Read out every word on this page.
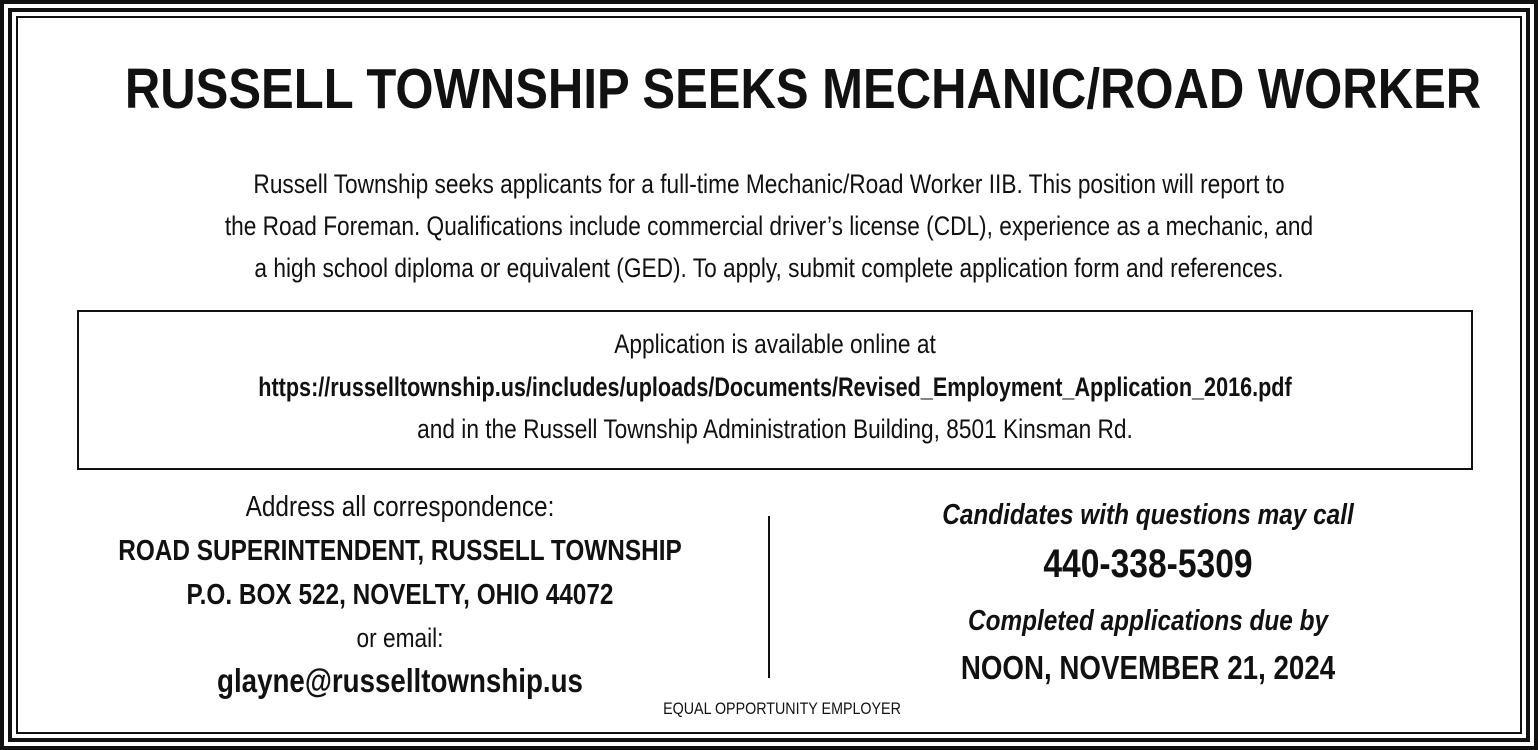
RUSSELL TOWNSHIP SEEKS MECHANIC/ROAD WORKER
Russell Township seeks applicants for a full-time Mechanic/Road Worker IIB. This position will report to
the Road Foreman. Qualifications include commercial driver’s license (CDL), experience as a mechanic, and
a high school diploma or equivalent (GED). To apply, submit complete application form and references.
Application is available online at
https://russelltownship.us/includes/uploads/Documents/Revised_Employment_Application_2016.pdf
and in the Russell Township Administration Building, 8501 Kinsman Rd.
Address all correspondence:
ROAD SUPERINTENDENT, RUSSELL TOWNSHIP
P.O. BOX 522, NOVELTY, OHIO 44072
or email:
glayne@russelltownship.us
EQUAL OPPORTUNITY EMPLOYER
Candidates with questions may call
440-338-5309
Completed applications due by
NOON, NOVEMBER 21, 2024
